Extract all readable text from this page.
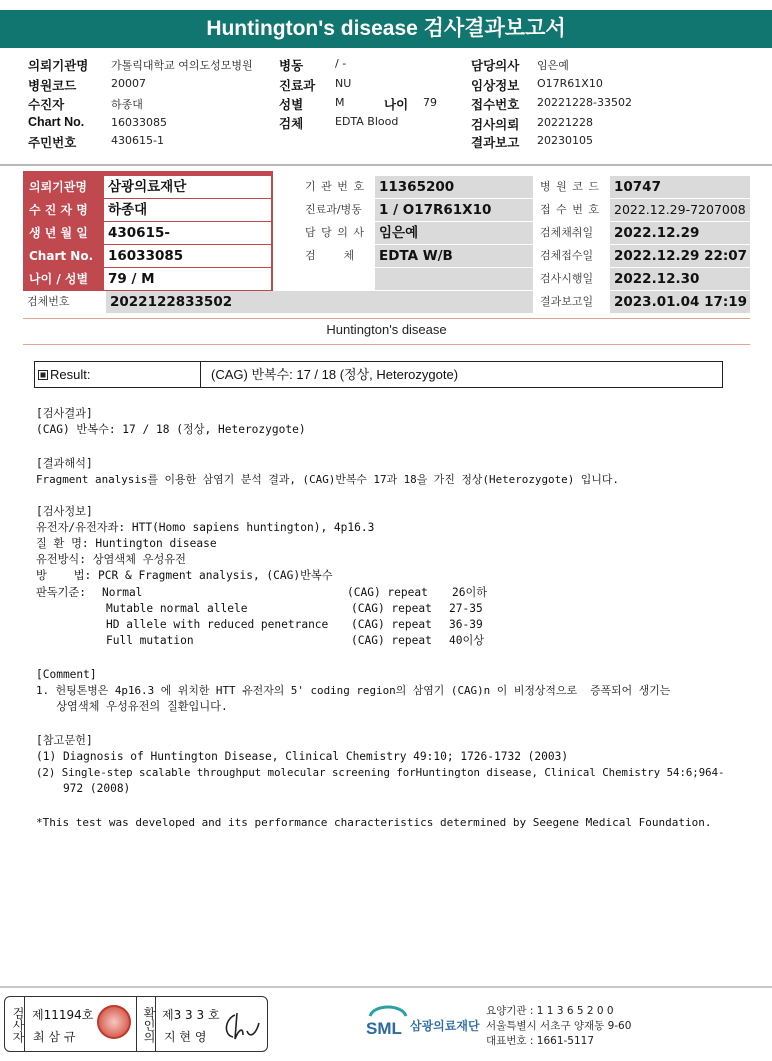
Huntington's disease 검사결과보고서
의뢰기관명 가톨릭대학교 여의도성모병원 병동	/ -	담당의사 임은예
병원코드	20007	진료과 NU	임상정보 O17R61X10
수진자	하종대	성별	M	나이 79	접수번호 20221228-33502
Chart No. 16033085	검체	EDTA Blood	검사의뢰 20221228
주민번호	430615-1	결과보고 20230105
의뢰기관명	삼광의료재단
수 진 자 명	하종대
생 년 월 일	430615-
Chart No.	16033085
나이 / 성별	79 / M
검체번호	2022122833502
기 관 번 호	11365200
진료과/병동	1 / O17R61X10
담 당 의 사	임은예
검      체	EDTA W/B
병 원 코 드	10747
접 수 번 호	2022.12.29-7207008
검체채취일	2022.12.29
검체접수일	2022.12.29 22:07
검사시행일	2022.12.30
결과보고일	2023.01.04 17:19
Huntington's disease
Result:	(CAG) 반복수: 17 / 18 (정상, Heterozygote)
[검사결과]
(CAG) 반복수: 17 / 18 (정상, Heterozygote)
[결과해석]
Fragment analysis를 이용한 삼염기 분석 결과, (CAG)반복수 17과 18을 가진 정상(Heterozygote) 입니다.
[검사정보]
유전자/유전자좌: HTT(Homo sapiens huntington), 4p16.3
질 환 명: Huntington disease
유전방식: 상염색체 우성유전
방    법: PCR & Fragment analysis, (CAG)반복수
판독기준: Normal	(CAG) repeat 26이하
Mutable normal allele	(CAG) repeat 27-35
HD allele with reduced penetrance (CAG) repeat 36-39
Full mutation	(CAG) repeat 40이상
[Comment]
1. 헌팅톤병은 4p16.3 에 위치한 HTT 유전자의 5' coding region의 삼염기 (CAG)n 이 비정상적으로  증폭되어 생기는
상염색체 우성유전의 질환입니다.
[참고문헌]
(1) Diagnosis of Huntington Disease, Clinical Chemistry 49:10; 1726-1732 (2003)
(2) Single-step scalable throughput molecular screening forHuntington disease, Clinical Chemistry 54:6;964-
972 (2008)
*This test was developed and its performance characteristics determined by Seegene Medical Foundation.
검사자 제11194호
최 삼 규	확인의 제3 3 3 호
지 현 영	SML 삼광의료재단
요양기관 : 1 1 3 6 5 2 0 0
서울특별시 서초구 양재동 9-60
대표번호 : 1661-5117
